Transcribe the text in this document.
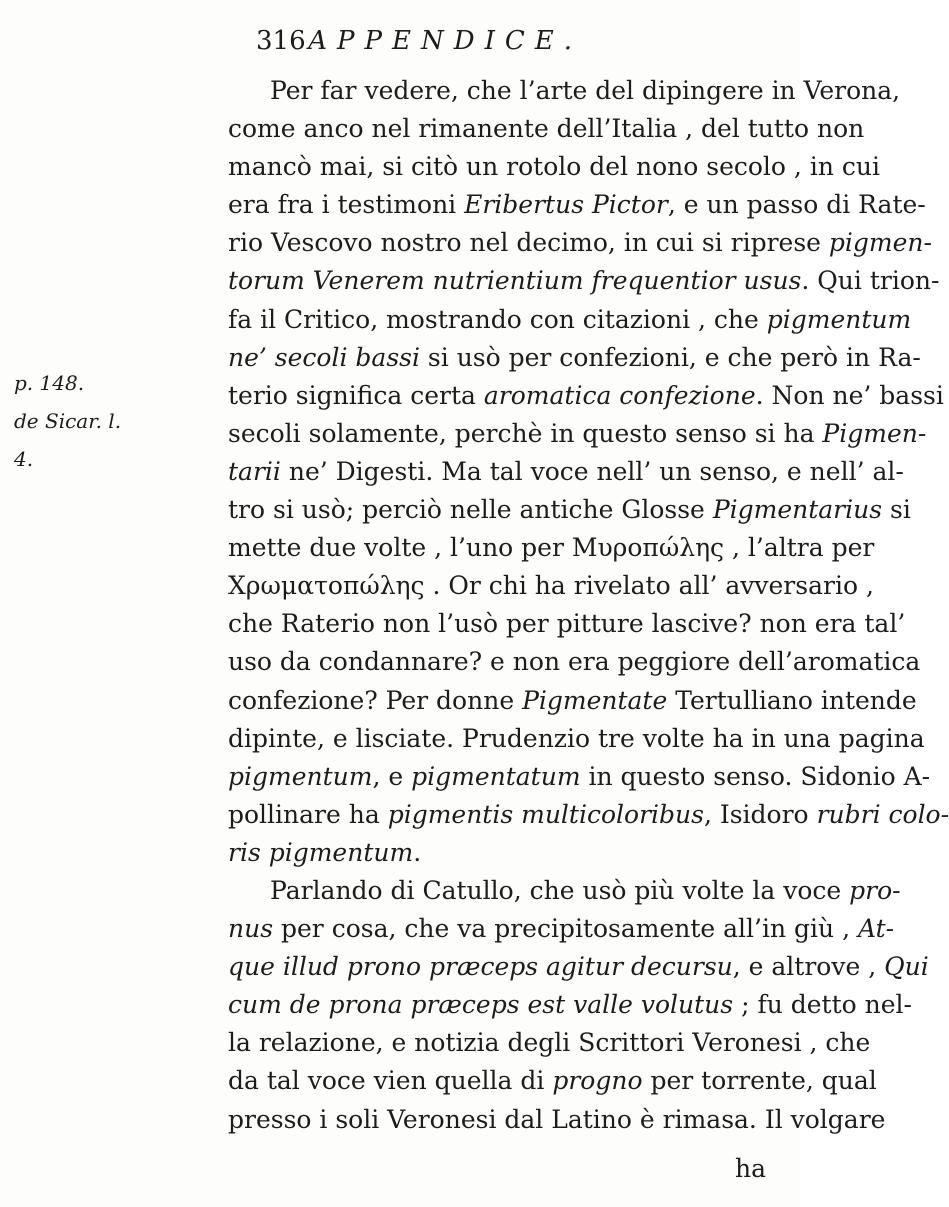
316 APPENDICE.
p. 148.
de Sicar. l.
4.
Per far vedere, che l’arte del dipingere in Verona,
come anco nel rimanente dell’Italia , del tutto non
mancò mai, si citò un rotolo del nono secolo , in cui
era fra i testimoni Eribertus Pictor, e un passo di Rate-
rio Vescovo nostro nel decimo, in cui si riprese pigmen-
torum Venerem nutrientium frequentior usus. Qui trion-
fa il Critico, mostrando con citazioni , che pigmentum
ne’ secoli bassi si usò per confezioni, e che però in Ra-
terio significa certa aromatica confezione. Non ne’ bassi
secoli solamente, perchè in questo senso si ha Pigmen-
tarii ne’ Digesti. Ma tal voce nell’ un senso, e nell’ al-
tro si usò; perciò nelle antiche Glosse Pigmentarius si
mette due volte , l’uno per Μυροπώλης , l’altra per
Χρωματοπώλης . Or chi ha rivelato all’ avversario ,
che Raterio non l’usò per pitture lascive? non era tal’
uso da condannare? e non era peggiore dell’aromatica
confezione? Per donne Pigmentate Tertulliano intende
dipinte, e lisciate. Prudenzio tre volte ha in una pagina
pigmentum, e pigmentatum in questo senso. Sidonio A-
pollinare ha pigmentis multicoloribus, Isidoro rubri colo-
ris pigmentum.
Parlando di Catullo, che usò più volte la voce pro-
nus per cosa, che va precipitosamente all’in giù , At-
que illud prono præceps agitur decursu, e altrove , Qui
cum de prona præceps est valle volutus ; fu detto nel-
la relazione, e notizia degli Scrittori Veronesi , che
da tal voce vien quella di progno per torrente, qual
presso i soli Veronesi dal Latino è rimasa. Il volgare
ha
